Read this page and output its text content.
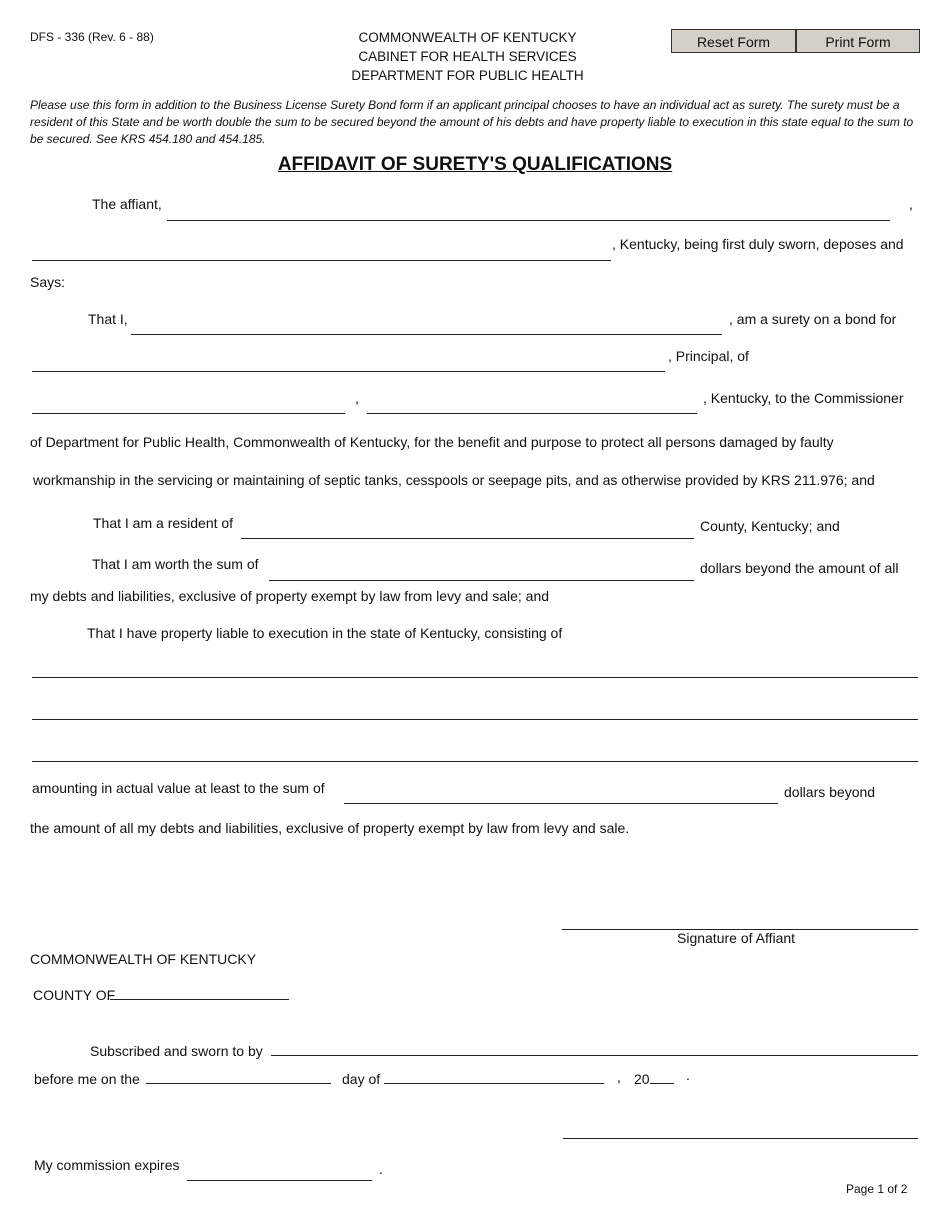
DFS - 336 (Rev. 6 - 88)	COMMONWEALTH OF KENTUCKY
CABINET FOR HEALTH SERVICES
DEPARTMENT FOR PUBLIC HEALTH
Reset Form	Print Form
Please use this form in addition to the Business License Surety Bond form if an applicant principal chooses to have an individual act as surety. The surety must be a resident of this State and be worth double the sum to be secured beyond the amount of his debts and have property liable to execution in this state equal to the sum to be secured. See KRS 454.180 and 454.185.
AFFIDAVIT OF SURETY'S QUALIFICATIONS
The affiant,	,
, Kentucky, being first duly sworn, deposes and
Says:
That I,	, am a surety on a bond for
, Principal, of
,	, Kentucky, to the Commissioner
of Department for Public Health, Commonwealth of Kentucky, for the benefit and purpose to protect all persons damaged by faulty
workmanship in the servicing or maintaining of septic tanks, cesspools or seepage pits, and as otherwise provided by KRS 211.976; and
That I am a resident of	County, Kentucky; and
That I am worth the sum of	dollars beyond the amount of all
my debts and liabilities, exclusive of property exempt by law from levy and sale; and
That I have property liable to execution in the state of Kentucky, consisting of
amounting in actual value at least to the sum of	dollars beyond
the amount of all my debts and liabilities, exclusive of property exempt by law from levy and sale.
Signature of Affiant
COMMONWEALTH OF KENTUCKY
COUNTY OF
Subscribed and sworn to by
before me on the	day of	, 20	.
My commission expires	.
Page 1 of 2
